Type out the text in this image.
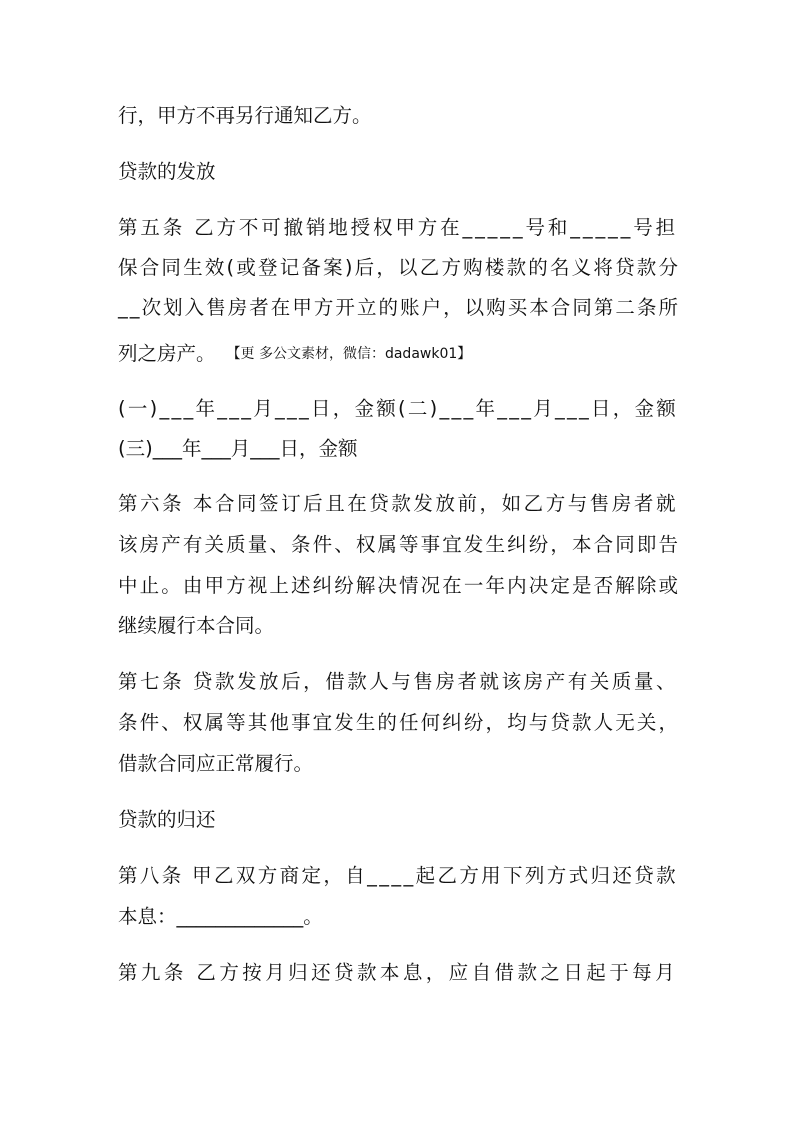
行，甲方不再另行通知乙方。
贷款的发放
第五条 乙方不可撤销地授权甲方在_____号和_____号担
保合同生效(或登记备案)后，以乙方购楼款的名义将贷款分
__次划入售房者在甲方开立的账户，以购买本合同第二条所
列之房产。 【更 多公文素材，微信：dadawk01】
(一)___年___月___日，金额(二)___年___月___日，金额
(三)___年___月___日，金额
第六条 本合同签订后且在贷款发放前，如乙方与售房者就
该房产有关质量、条件、权属等事宜发生纠纷，本合同即告
中止。由甲方视上述纠纷解决情况在一年内决定是否解除或
继续履行本合同。
第七条 贷款发放后，借款人与售房者就该房产有关质量、
条件、权属等其他事宜发生的任何纠纷，均与贷款人无关，
借款合同应正常履行。
贷款的归还
第八条 甲乙双方商定，自____起乙方用下列方式归还贷款
本息：_____________。
第九条 乙方按月归还贷款本息，应自借款之日起于每月
